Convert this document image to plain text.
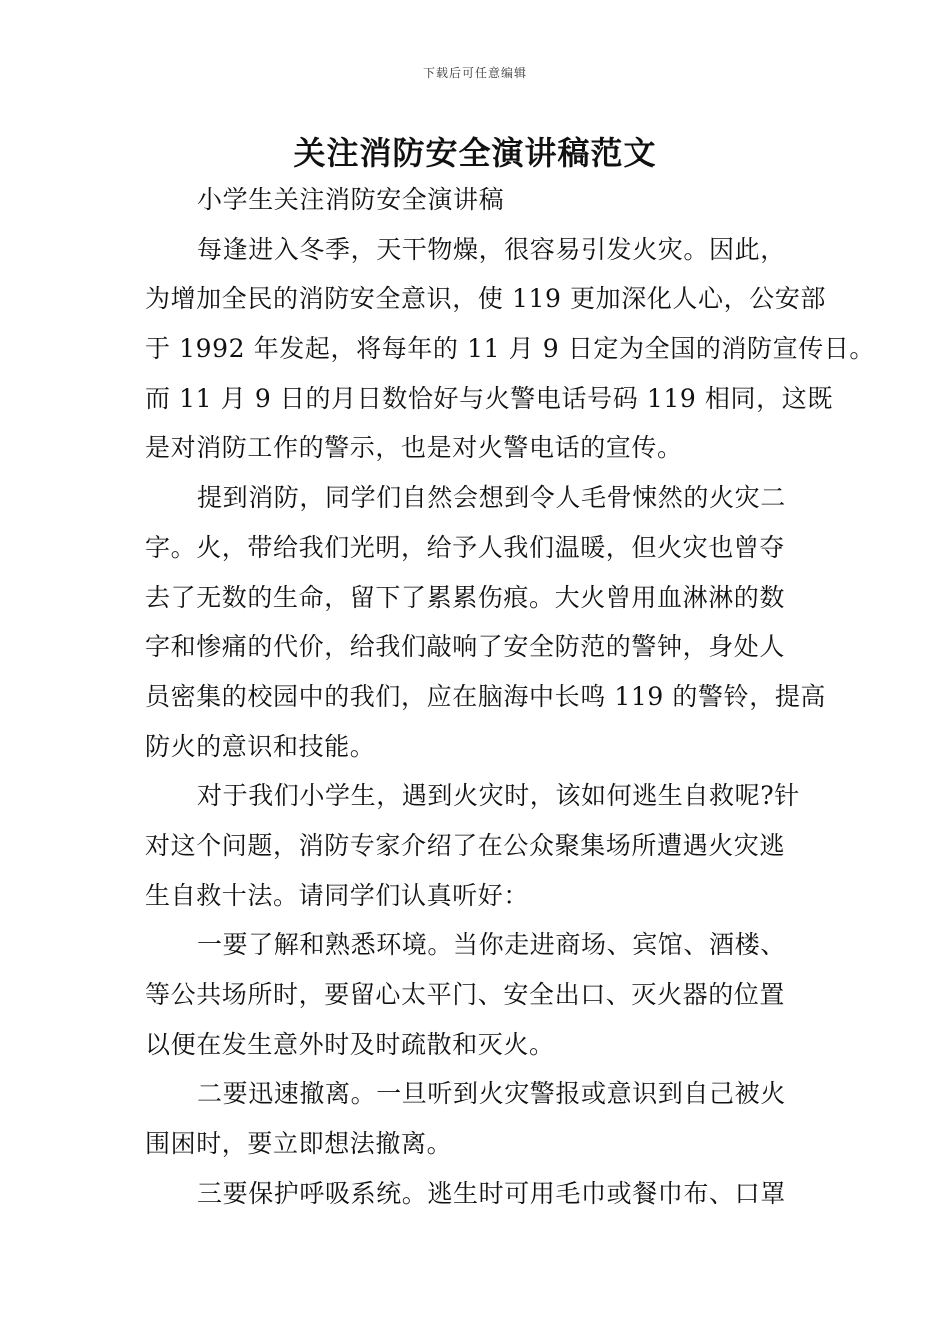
下载后可任意编辑
关注消防安全演讲稿范文
小学生关注消防安全演讲稿
每逢进入冬季，天干物燥，很容易引发火灾。因此，
为增加全民的消防安全意识，使 119 更加深化人心，公安部
于 1992 年发起，将每年的 11 月 9 日定为全国的消防宣传日。
而 11 月 9 日的月日数恰好与火警电话号码 119 相同，这既
是对消防工作的警示，也是对火警电话的宣传。
提到消防，同学们自然会想到令人毛骨悚然的火灾二
字。火，带给我们光明，给予人我们温暖，但火灾也曾夺
去了无数的生命，留下了累累伤痕。大火曾用血淋淋的数
字和惨痛的代价，给我们敲响了安全防范的警钟，身处人
员密集的校园中的我们，应在脑海中长鸣 119 的警铃，提高
防火的意识和技能。
对于我们小学生，遇到火灾时，该如何逃生自救呢?针
对这个问题，消防专家介绍了在公众聚集场所遭遇火灾逃
生自救十法。请同学们认真听好：
一要了解和熟悉环境。当你走进商场、宾馆、酒楼、
等公共场所时，要留心太平门、安全出口、灭火器的位置
以便在发生意外时及时疏散和灭火。
二要迅速撤离。一旦听到火灾警报或意识到自己被火
围困时，要立即想法撤离。
三要保护呼吸系统。逃生时可用毛巾或餐巾布、口罩
